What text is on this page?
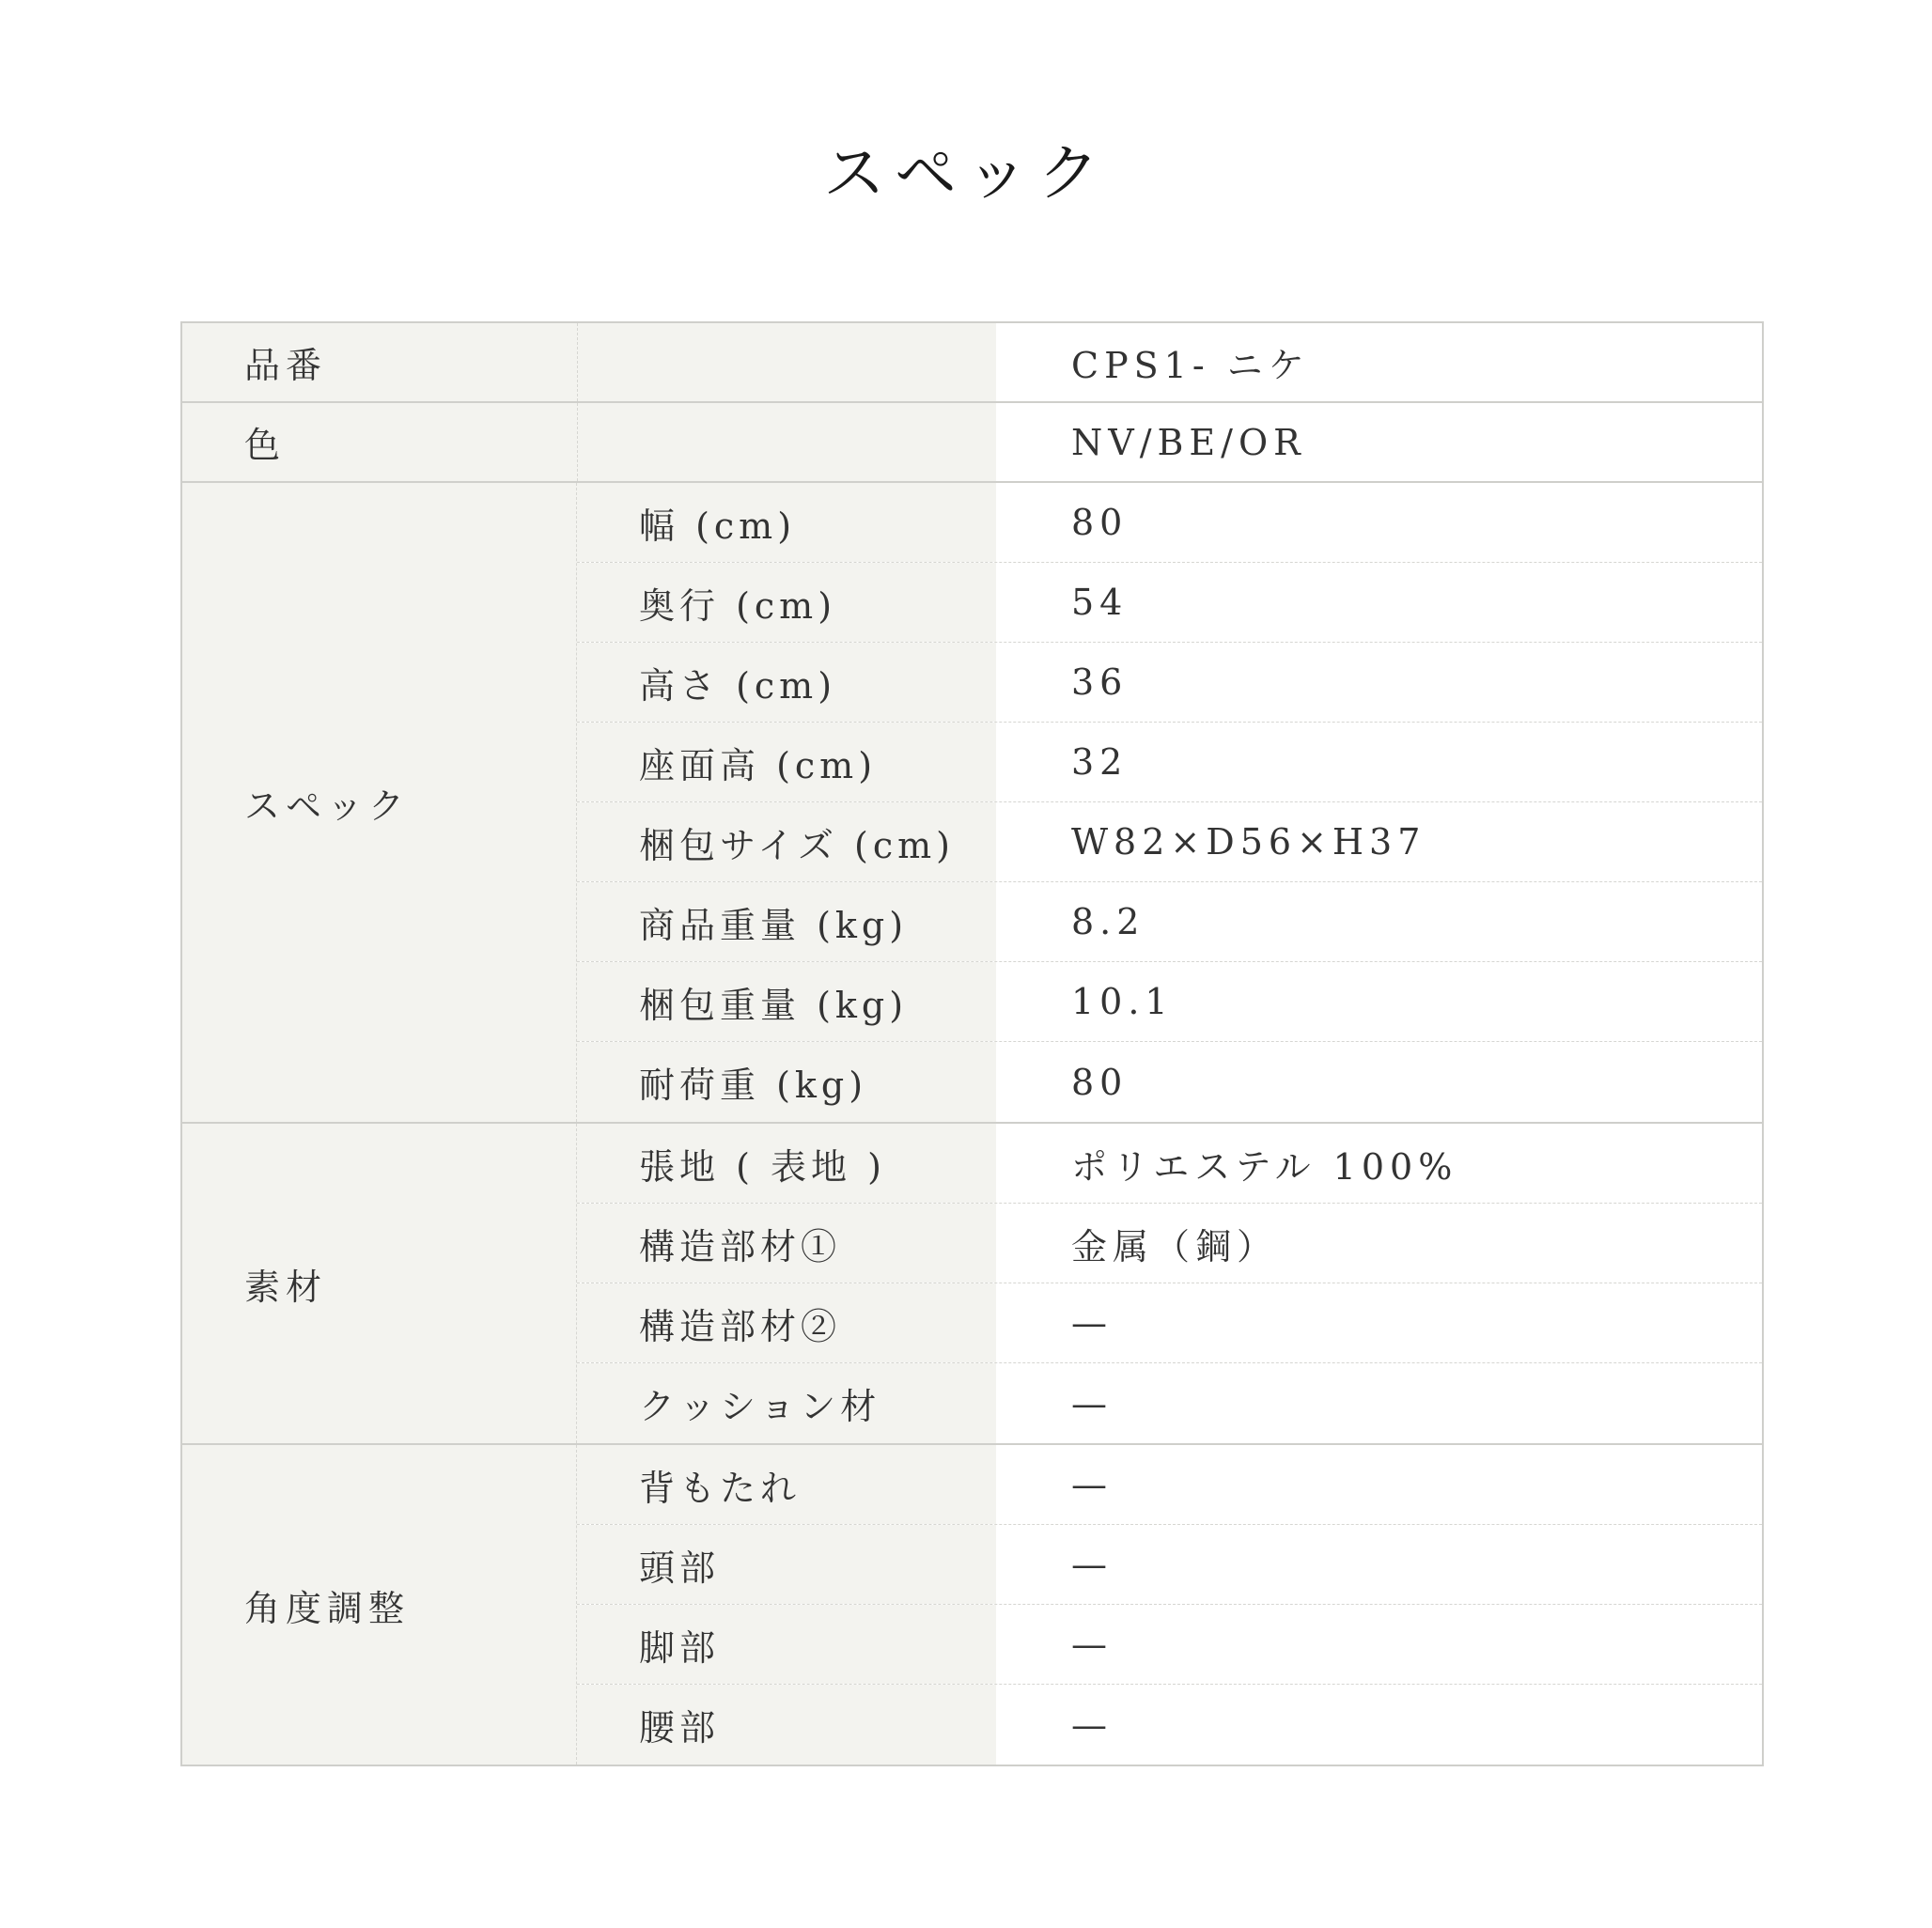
スペック
品番	CPS1- ニケ
色	NV/BE/OR
スペック
幅 (cm)	80
奥行 (cm)	54
高さ (cm)	36
座面高 (cm)	32
梱包サイズ (cm)	W82×D56×H37
商品重量 (kg)	8.2
梱包重量 (kg)	10.1
耐荷重 (kg)	80
素材
張地 ( 表地 )	ポリエステル 100%
構造部材①	金属（鋼）
構造部材②	—
クッション材	—
角度調整
背もたれ	—
頭部	—
脚部	—
腰部	—
